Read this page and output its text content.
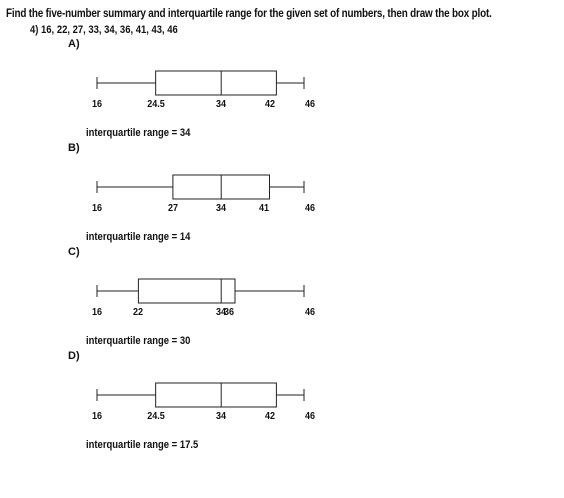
Find the five-number summary and interquartile range for the given set of numbers, then draw the box plot.
4) 16, 22, 27, 33, 34, 36, 41, 43, 46
A)
16	24.5	34	42	46
interquartile range = 34
B)
16	27	34	41	46
interquartile range = 14
C)
16	22	34
36	46
interquartile range = 30
D)
16	24.5	34	42	46
interquartile range = 17.5
